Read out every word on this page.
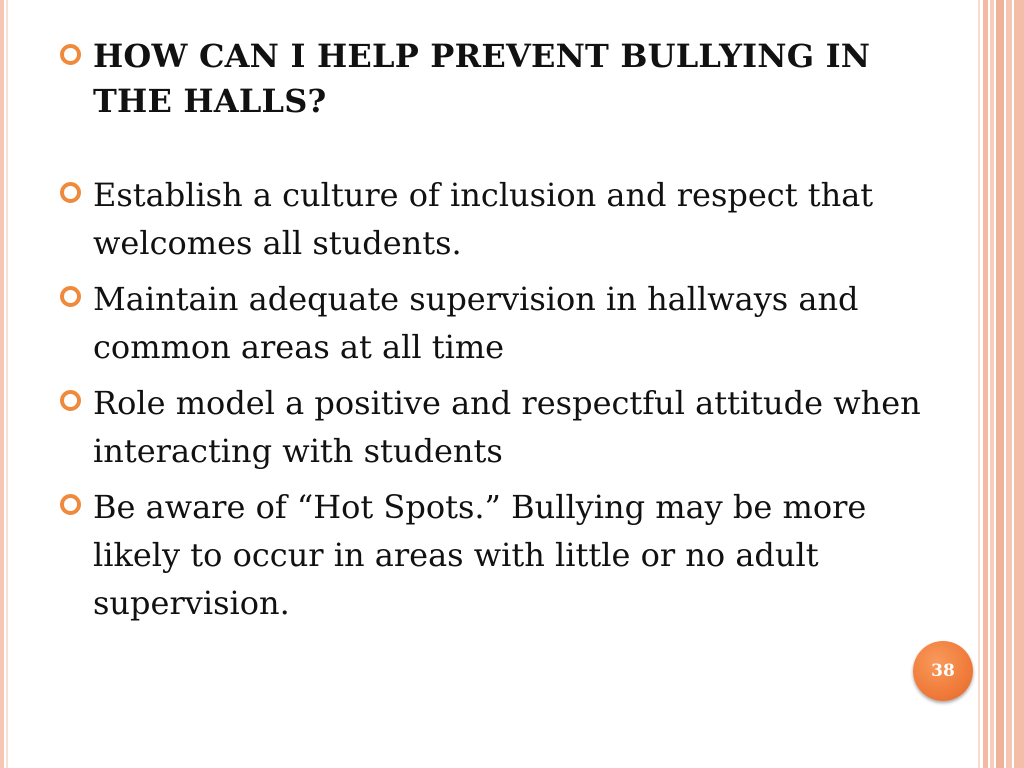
HOW CAN I HELP PREVENT BULLYING IN THE HALLS?
Establish a culture of inclusion and respect that welcomes all students.
Maintain adequate supervision in hallways and common areas at all time
Role model a positive and respectful attitude when interacting with students
Be aware of “Hot Spots.” Bullying may be more likely to occur in areas with little or no adult supervision.
38
